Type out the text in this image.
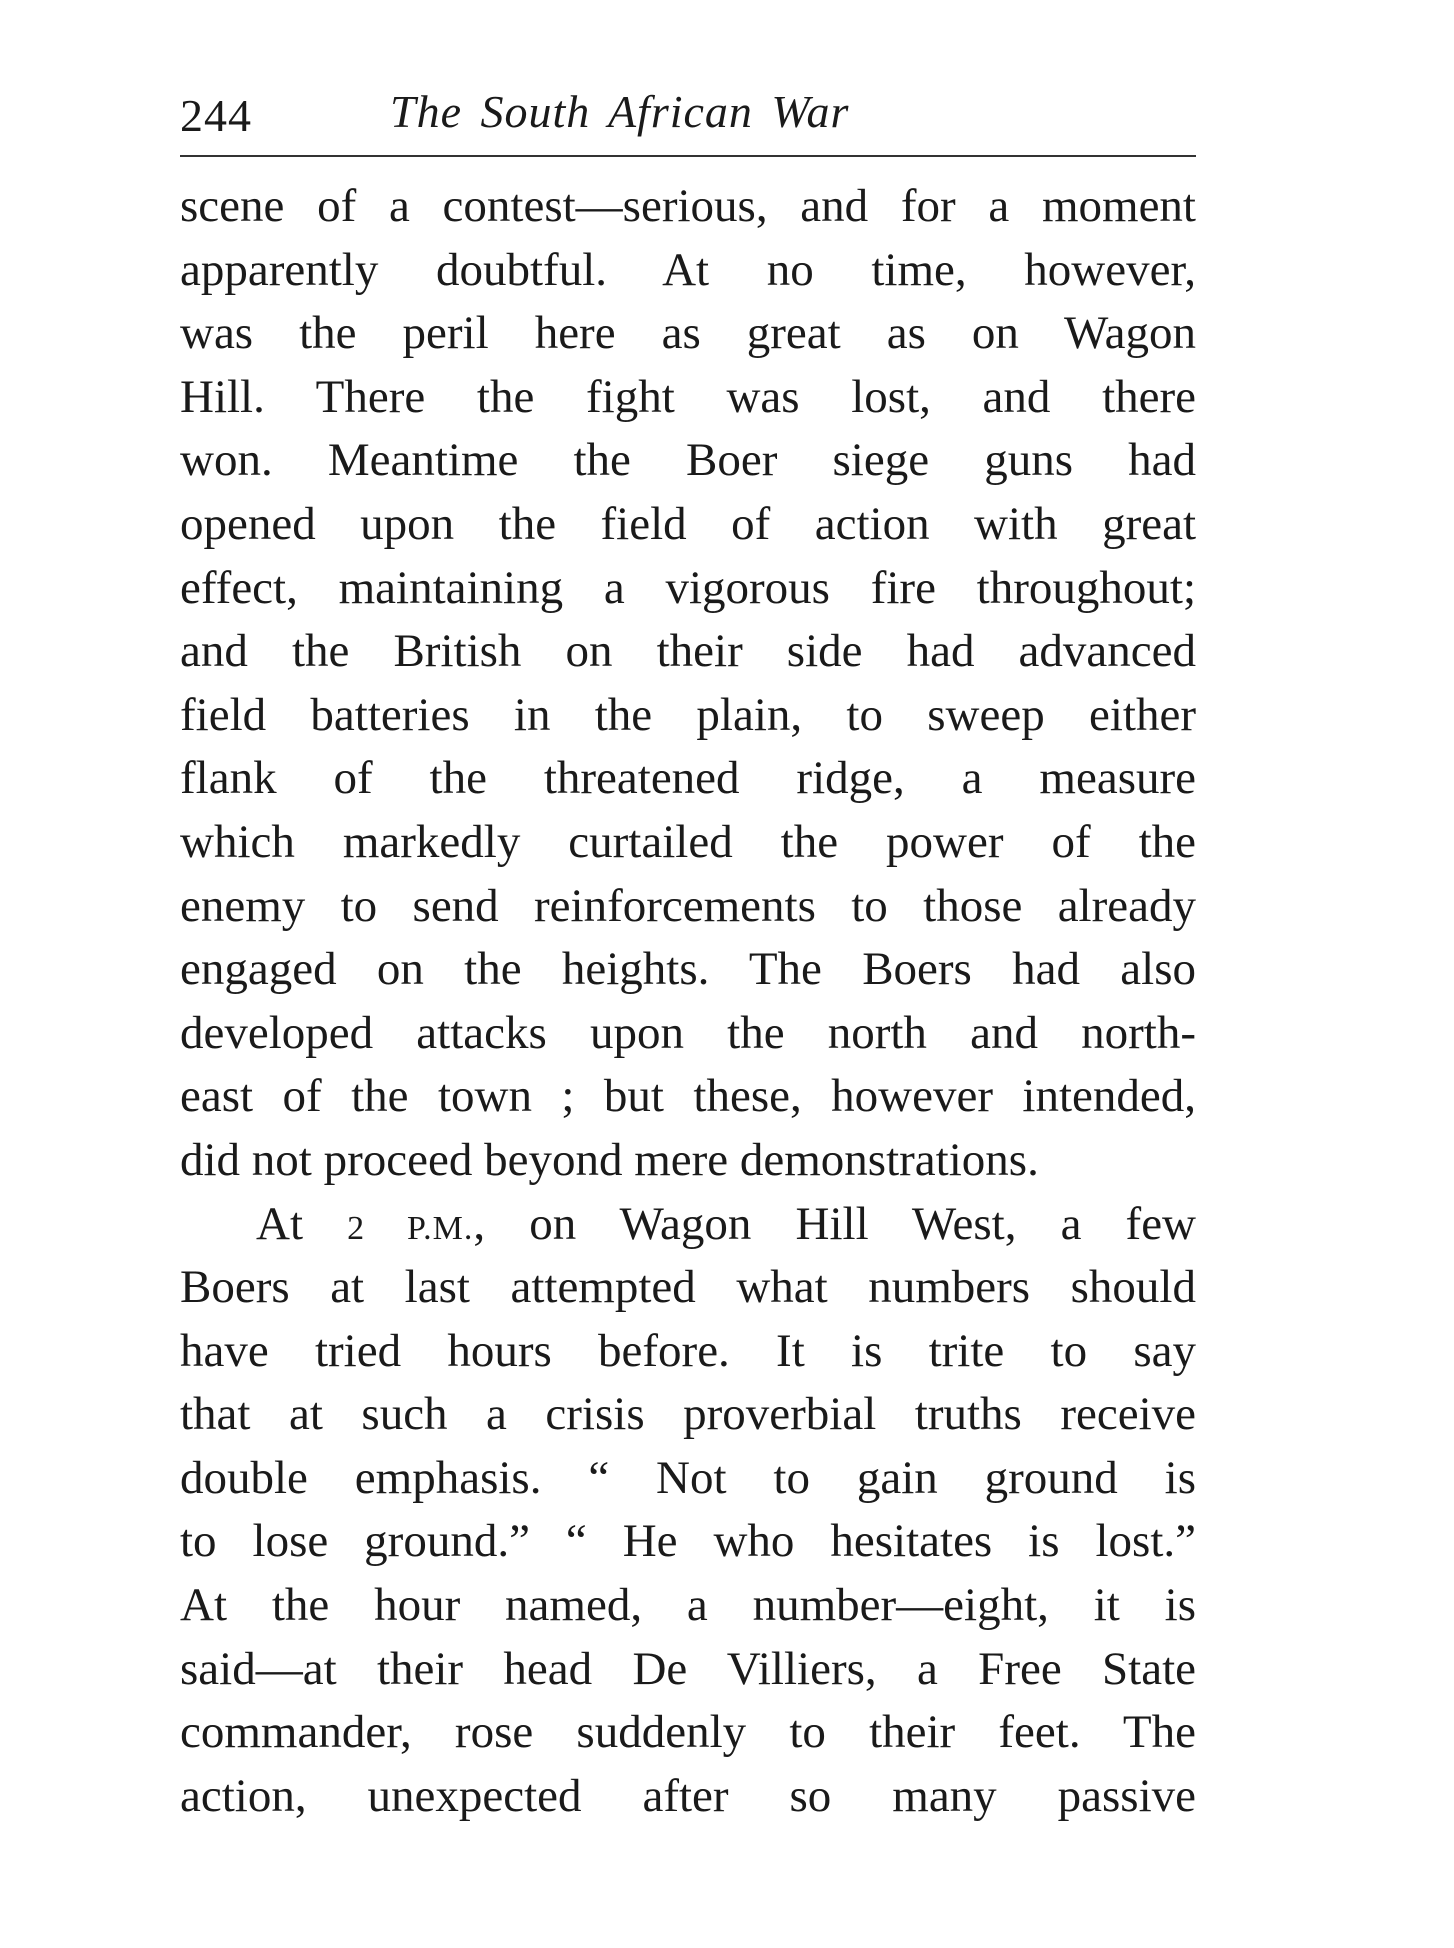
244	The South African War
scene of a contest—serious, and for a moment
apparently doubtful. At no time, however,
was the peril here as great as on Wagon
Hill. There the fight was lost, and there
won. Meantime the Boer siege guns had
opened upon the field of action with great
effect, maintaining a vigorous fire throughout;
and the British on their side had advanced
field batteries in the plain, to sweep either
flank of the threatened ridge, a measure
which markedly curtailed the power of the
enemy to send reinforcements to those already
engaged on the heights. The Boers had also
developed attacks upon the north and north-
east of the town ; but these, however intended,
did not proceed beyond mere demonstrations.
At 2 P.M., on Wagon Hill West, a few
Boers at last attempted what numbers should
have tried hours before. It is trite to say
that at such a crisis proverbial truths receive
double emphasis. “ Not to gain ground is
to lose ground.” “ He who hesitates is lost.”
At the hour named, a number—eight, it is
said—at their head De Villiers, a Free State
commander, rose suddenly to their feet. The
action, unexpected after so many passive
